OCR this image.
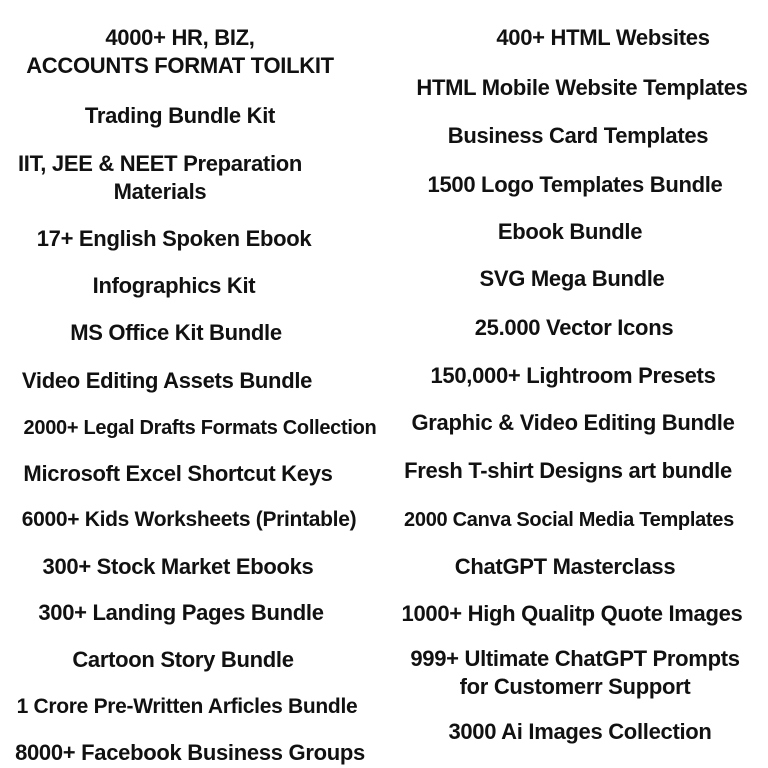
4000+ HR, BIZ,
ACCOUNTS FORMAT TOILKIT
Trading Bundle Kit
IIT, JEE & NEET Preparation
Materials
17+ English Spoken Ebook
Infographics Kit
MS Office Kit Bundle
Video Editing Assets Bundle
2000+ Legal Drafts Formats Collection
Microsoft Excel Shortcut Keys
6000+ Kids Worksheets (Printable)
300+ Stock Market Ebooks
300+ Landing Pages Bundle
Cartoon Story Bundle
1 Crore Pre-Written Arficles Bundle
8000+ Facebook Business Groups
400+ HTML Websites
HTML Mobile Website Templates
Business Card Templates
1500 Logo Templates Bundle
Ebook Bundle
SVG Mega Bundle
25.000 Vector Icons
150,000+ Lightroom Presets
Graphic & Video Editing Bundle
Fresh T-shirt Designs art bundle
2000 Canva Social Media Templates
ChatGPT Masterclass
1000+ High Qualitp Quote Images
999+ Ultimate ChatGPT Prompts
for Customerr Support
3000 Ai Images Collection
